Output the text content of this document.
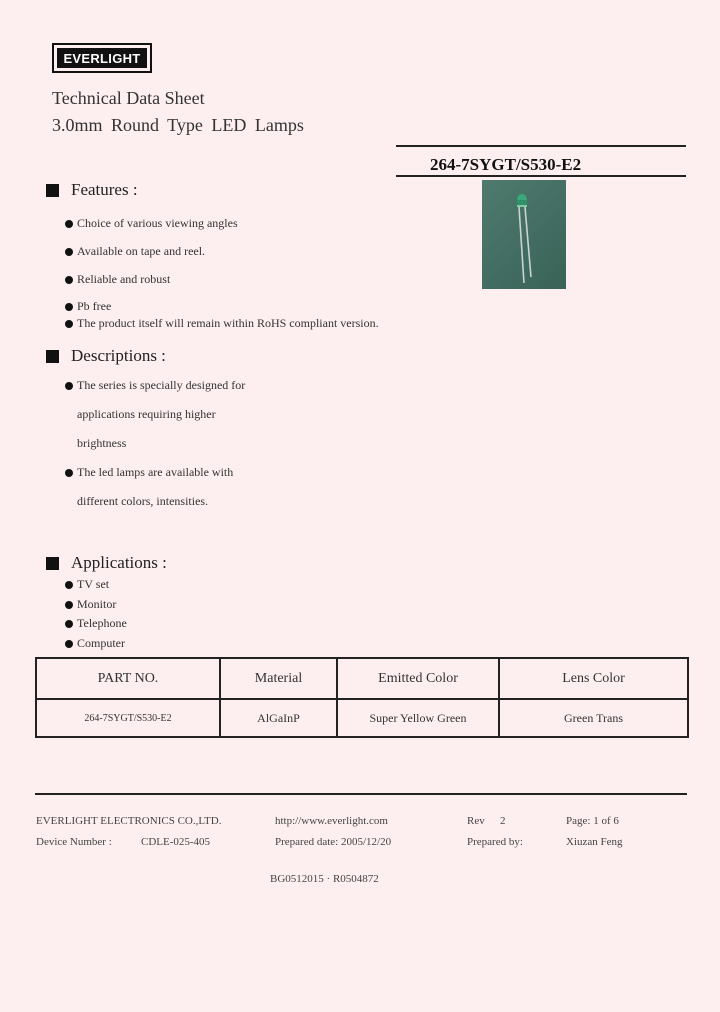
EVERLIGHT
Technical Data Sheet
3.0mm Round Type LED Lamps
264-7SYGT/S530-E2
Features :
Choice of various viewing angles
Available on tape and reel.
Reliable and robust
Pb free
The product itself will remain within RoHS compliant version.
Descriptions :
The series is specially designed for
applications requiring higher
brightness
The led lamps are available with
different colors, intensities.
Applications :
TV set
Monitor
Telephone
Computer
PART NO.	Material	Emitted Color	Lens Color
264-7SYGT/S530-E2	AlGaInP	Super Yellow Green	Green Trans
EVERLIGHT ELECTRONICS CO.,LTD.	http://www.everlight.com	Rev 2	Page: 1 of 6
Device Number :	CDLE-025-405	Prepared date: 2005/12/20	Prepared by:	Xiuzan Feng
BG0512015 · R0504872
